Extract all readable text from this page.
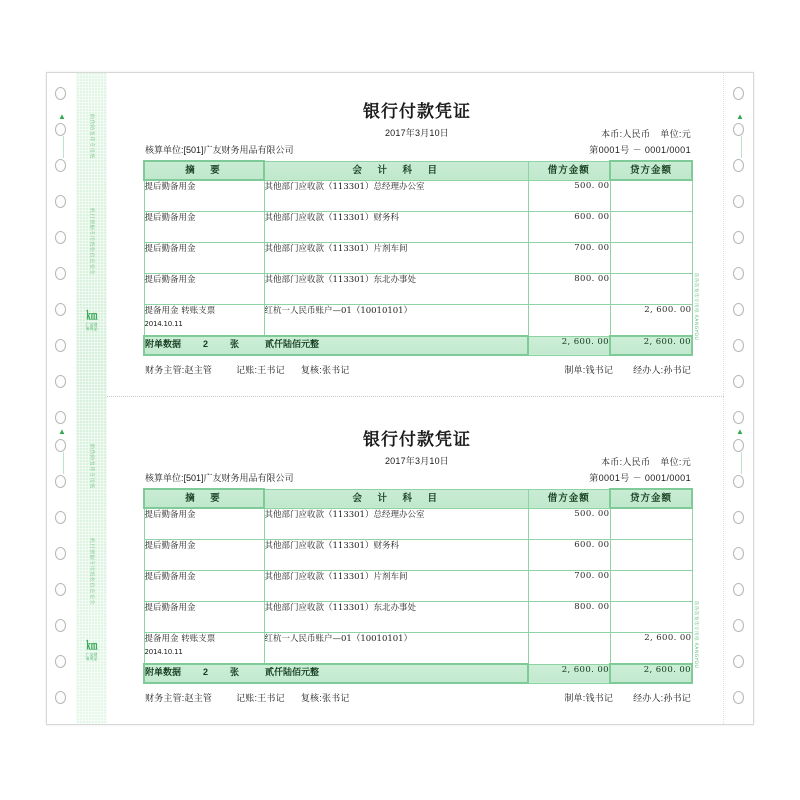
▲
▲
▲
▲
防伪防复印专用纸
机打票据专用纸张信息安全
㎞
广友财务用品
防伪防复印专用纸
机打票据专用纸张信息安全
㎞
广友财务用品
防伪防复印专用纸 KANGYOU
防伪防复印专用纸 KANGYOU
银行付款凭证
2017年3月10日	本币:人民币 单位:元
核算单位:[501]广友财务用品有限公司	第0001号 － 0001/0001
摘　要	会　计　科　目	借方金额	贷方金额

提后勤备用金	其他部门应收款（113301）总经理办公室	500. 00	

提后勤备用金	其他部门应收款（113301）财务科	600. 00	

提后勤备用金	其他部门应收款（113301）片剂车间	700. 00	

提后勤备用金	其他部门应收款（113301）东北办事处	800. 00	

提备用金 转账支票
2014.10.11	红杭一人民币账户—01（10010101）		2, 600. 00
附单数据 2 张 贰仟陆佰元整		2, 600. 00	2, 600. 00
财务主管:赵主管	记账:王书记 复核:张书记	制单:钱书记 经办人:孙书记
银行付款凭证
2017年3月10日	本币:人民币 单位:元
核算单位:[501]广友财务用品有限公司	第0001号 － 0001/0001
摘　要	会　计　科　目	借方金额	贷方金额

提后勤备用金	其他部门应收款（113301）总经理办公室	500. 00	

提后勤备用金	其他部门应收款（113301）财务科	600. 00	

提后勤备用金	其他部门应收款（113301）片剂车间	700. 00	

提后勤备用金	其他部门应收款（113301）东北办事处	800. 00	

提备用金 转账支票
2014.10.11	红杭一人民币账户—01（10010101）		2, 600. 00
附单数据 2 张 贰仟陆佰元整		2, 600. 00	2, 600. 00
财务主管:赵主管	记账:王书记 复核:张书记	制单:钱书记 经办人:孙书记
